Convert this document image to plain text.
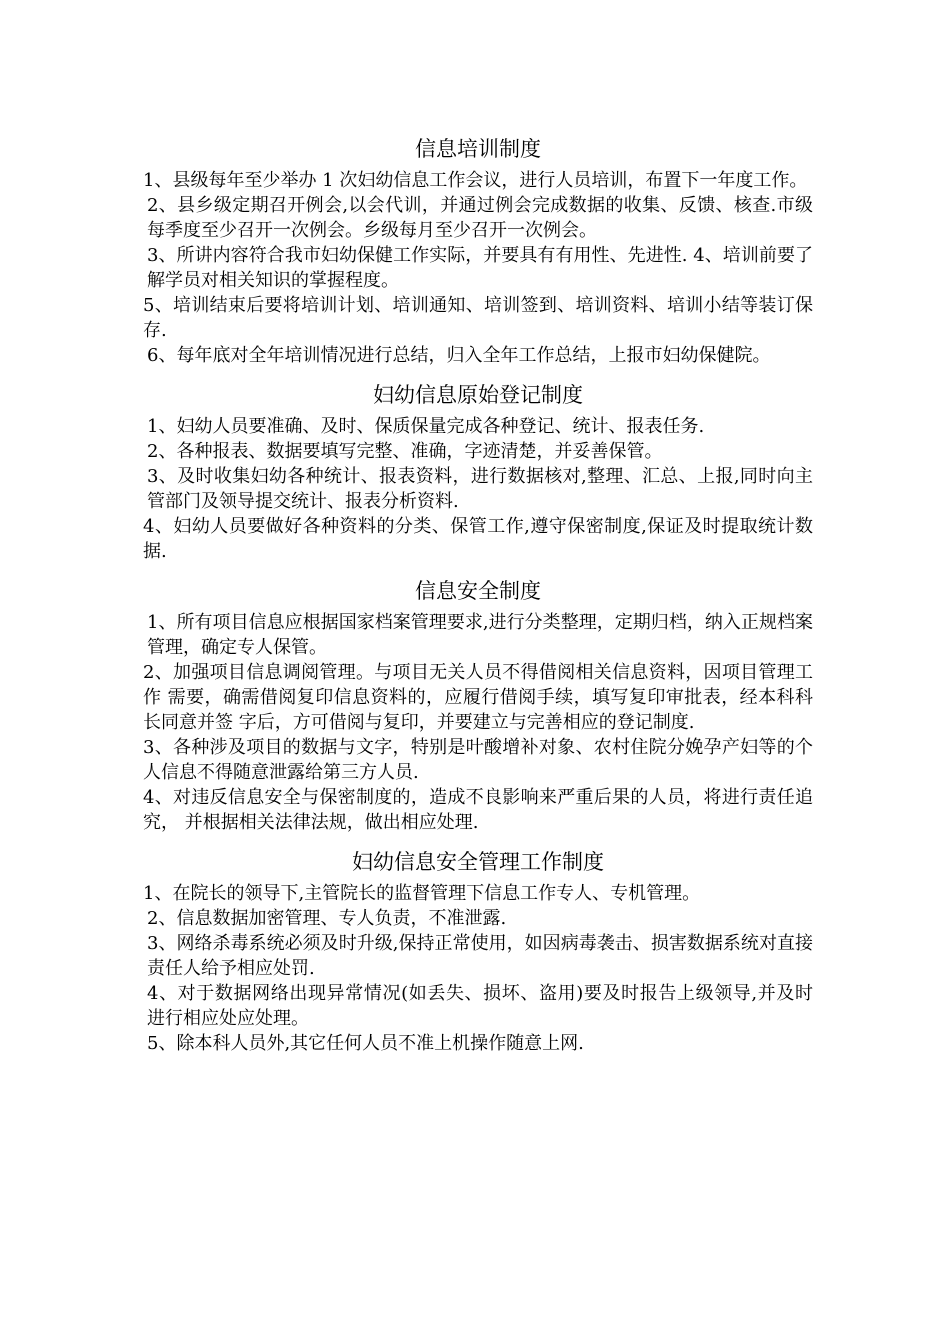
信息培训制度

1、县级每年至少举办 1 次妇幼信息工作会议，进行人员培训，布置下一年度工作。

2、县乡级定期召开例会,以会代训，并通过例会完成数据的收集、反馈、核查.市级 每季度至少召开一次例会。乡级每月至少召开一次例会。

3、所讲内容符合我市妇幼保健工作实际，并要具有有用性、先进性. 4、培训前要了解学员对相关知识的掌握程度。

5、培训结束后要将培训计划、培训通知、培训签到、培训资料、培训小结等装订保存.

6、每年底对全年培训情况进行总结，归入全年工作总结，上报市妇幼保健院。

妇幼信息原始登记制度

1、妇幼人员要准确、及时、保质保量完成各种登记、统计、报表任务.

2、各种报表、数据要填写完整、准确，字迹清楚，并妥善保管。

3、及时收集妇幼各种统计、报表资料，进行数据核对,整理、汇总、上报,同时向主 管部门及领导提交统计、报表分析资料.

4、妇幼人员要做好各种资料的分类、保管工作,遵守保密制度,保证及时提取统计数 据.

信息安全制度

1、所有项目信息应根据国家档案管理要求,进行分类整理，定期归档，纳入正规档案 管理，确定专人保管。

2、加强项目信息调阅管理。与项目无关人员不得借阅相关信息资料，因项目管理工作 需要，确需借阅复印信息资料的，应履行借阅手续，填写复印审批表，经本科科长同意并签 字后，方可借阅与复印，并要建立与完善相应的登记制度.

3、各种涉及项目的数据与文字，特别是叶酸增补对象、农村住院分娩孕产妇等的个人信息不得随意泄露给第三方人员.

4、对违反信息安全与保密制度的，造成不良影响来严重后果的人员，将进行责任追究， 并根据相关法律法规，做出相应处理.

妇幼信息安全管理工作制度

1、在院长的领导下,主管院长的监督管理下信息工作专人、专机管理。

2、信息数据加密管理、专人负责，不准泄露.

3、网络杀毒系统必须及时升级,保持正常使用，如因病毒袭击、损害数据系统对直接 责任人给予相应处罚.

4、对于数据网络出现异常情况(如丢失、损坏、盗用)要及时报告上级领导,并及时 进行相应处应处理。

5、除本科人员外,其它任何人员不准上机操作随意上网.
